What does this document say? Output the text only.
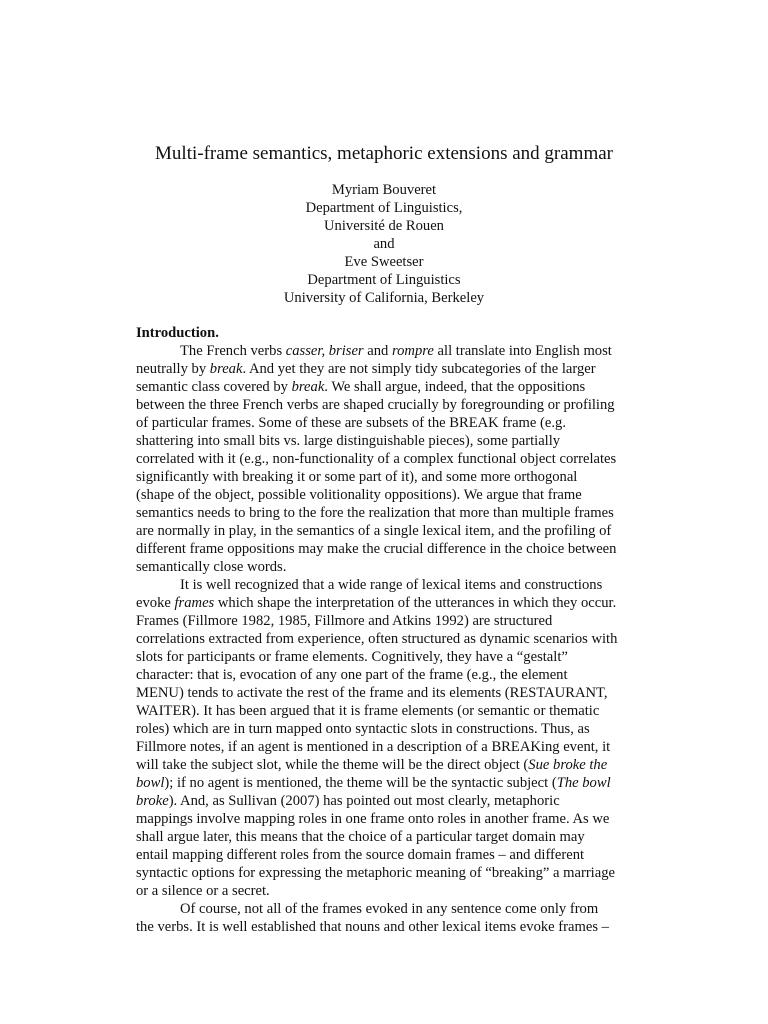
Multi-frame semantics, metaphoric extensions and grammar
Myriam Bouveret
Department of Linguistics,
Université de Rouen
and
Eve Sweetser
Department of Linguistics
University of California, Berkeley
Introduction.
The French verbs casser, briser and rompre all translate into English most
neutrally by break. And yet they are not simply tidy subcategories of the larger
semantic class covered by break. We shall argue, indeed, that the oppositions
between the three French verbs are shaped crucially by foregrounding or profiling
of particular frames. Some of these are subsets of the BREAK frame (e.g.
shattering into small bits vs. large distinguishable pieces), some partially
correlated with it (e.g., non-functionality of a complex functional object correlates
significantly with breaking it or some part of it), and some more orthogonal
(shape of the object, possible volitionality oppositions). We argue that frame
semantics needs to bring to the fore the realization that more than multiple frames
are normally in play, in the semantics of a single lexical item, and the profiling of
different frame oppositions may make the crucial difference in the choice between
semantically close words.
It is well recognized that a wide range of lexical items and constructions
evoke frames which shape the interpretation of the utterances in which they occur.
Frames (Fillmore 1982, 1985, Fillmore and Atkins 1992) are structured
correlations extracted from experience, often structured as dynamic scenarios with
slots for participants or frame elements. Cognitively, they have a “gestalt”
character: that is, evocation of any one part of the frame (e.g., the element
MENU) tends to activate the rest of the frame and its elements (RESTAURANT,
WAITER). It has been argued that it is frame elements (or semantic or thematic
roles) which are in turn mapped onto syntactic slots in constructions. Thus, as
Fillmore notes, if an agent is mentioned in a description of a BREAKing event, it
will take the subject slot, while the theme will be the direct object (Sue broke the
bowl); if no agent is mentioned, the theme will be the syntactic subject (The bowl
broke). And, as Sullivan (2007) has pointed out most clearly, metaphoric
mappings involve mapping roles in one frame onto roles in another frame. As we
shall argue later, this means that the choice of a particular target domain may
entail mapping different roles from the source domain frames – and different
syntactic options for expressing the metaphoric meaning of “breaking” a marriage
or a silence or a secret.
Of course, not all of the frames evoked in any sentence come only from
the verbs. It is well established that nouns and other lexical items evoke frames –
